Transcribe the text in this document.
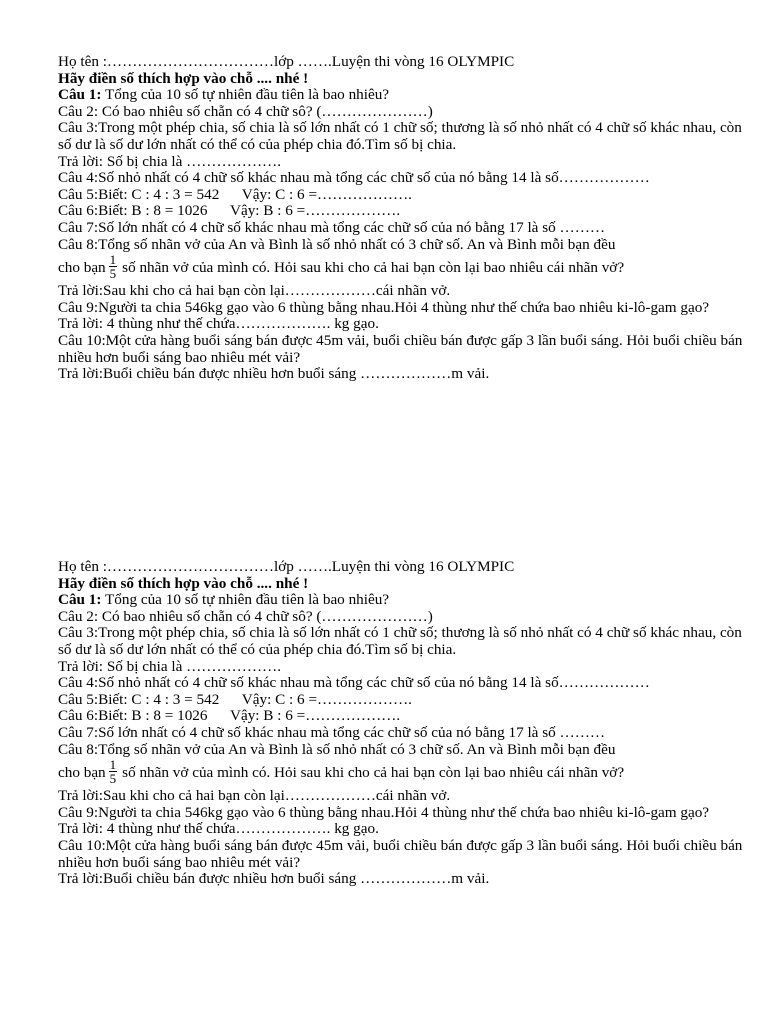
Họ tên :……………………………lớp …….Luyện thi vòng 16 OLYMPIC
Hãy điền số thích hợp vào chỗ .... nhé !
Câu 1: Tổng của 10 số tự nhiên đầu tiên là bao nhiêu?
Câu 2: Có bao nhiêu số chẵn có 4 chữ sô? (…………………)
Câu 3:Trong một phép chia, số chia là số lớn nhất có 1 chữ số; thương là số nhỏ nhất có 4 chữ số khác nhau, còn số dư là số dư lớn nhất có thể có của phép chia đó.Tìm số bị chia.
Trả lời: Số bị chia là ……………….
Câu 4:Số nhỏ nhất có 4 chữ số khác nhau mà tổng các chữ số của nó bằng 14 là số………………
Câu 5:Biết: C : 4 : 3 = 542      Vậy: C : 6 =……………….
Câu 6:Biết: B : 8 = 1026      Vậy: B : 6 =……………….
Câu 7:Số lớn nhất có 4 chữ số khác nhau mà tổng các chữ số của nó bằng 17 là số ………
Câu 8:Tổng số nhãn vở của An và Bình là số nhỏ nhất có 3 chữ số. An và Bình mỗi bạn đều
cho bạn $\frac{1}{5}$ số nhãn vở của mình có. Hỏi sau khi cho cả hai bạn còn lại bao nhiêu cái nhãn vở?
Trả lời:Sau khi cho cả hai bạn còn lại………………cái nhãn vở.
Câu 9:Người ta chia 546kg gạo vào 6 thùng bằng nhau.Hỏi 4 thùng như thế chứa bao nhiêu ki-lô-gam gạo?
Trả lời: 4 thùng như thế chứa………………. kg gạo.
Câu 10:Một cửa hàng buổi sáng bán được 45m vải, buổi chiều bán được gấp 3 lần buổi sáng. Hỏi buổi chiều bán nhiều hơn buổi sáng bao nhiêu mét vải?
Trả lời:Buổi chiều bán được nhiều hơn buổi sáng ………………m vải.
Họ tên :……………………………lớp …….Luyện thi vòng 16 OLYMPIC
Hãy điền số thích hợp vào chỗ .... nhé !
Câu 1: Tổng của 10 số tự nhiên đầu tiên là bao nhiêu?
Câu 2: Có bao nhiêu số chẵn có 4 chữ sô? (…………………)
Câu 3:Trong một phép chia, số chia là số lớn nhất có 1 chữ số; thương là số nhỏ nhất có 4 chữ số khác nhau, còn số dư là số dư lớn nhất có thể có của phép chia đó.Tìm số bị chia.
Trả lời: Số bị chia là ……………….
Câu 4:Số nhỏ nhất có 4 chữ số khác nhau mà tổng các chữ số của nó bằng 14 là số………………
Câu 5:Biết: C : 4 : 3 = 542      Vậy: C : 6 =……………….
Câu 6:Biết: B : 8 = 1026      Vậy: B : 6 =……………….
Câu 7:Số lớn nhất có 4 chữ số khác nhau mà tổng các chữ số của nó bằng 17 là số ………
Câu 8:Tổng số nhãn vở của An và Bình là số nhỏ nhất có 3 chữ số. An và Bình mỗi bạn đều
cho bạn $\frac{1}{5}$ số nhãn vở của mình có. Hỏi sau khi cho cả hai bạn còn lại bao nhiêu cái nhãn vở?
Trả lời:Sau khi cho cả hai bạn còn lại………………cái nhãn vở.
Câu 9:Người ta chia 546kg gạo vào 6 thùng bằng nhau.Hỏi 4 thùng như thế chứa bao nhiêu ki-lô-gam gạo?
Trả lời: 4 thùng như thế chứa………………. kg gạo.
Câu 10:Một cửa hàng buổi sáng bán được 45m vải, buổi chiều bán được gấp 3 lần buổi sáng. Hỏi buổi chiều bán nhiều hơn buổi sáng bao nhiêu mét vải?
Trả lời:Buổi chiều bán được nhiều hơn buổi sáng ………………m vải.
